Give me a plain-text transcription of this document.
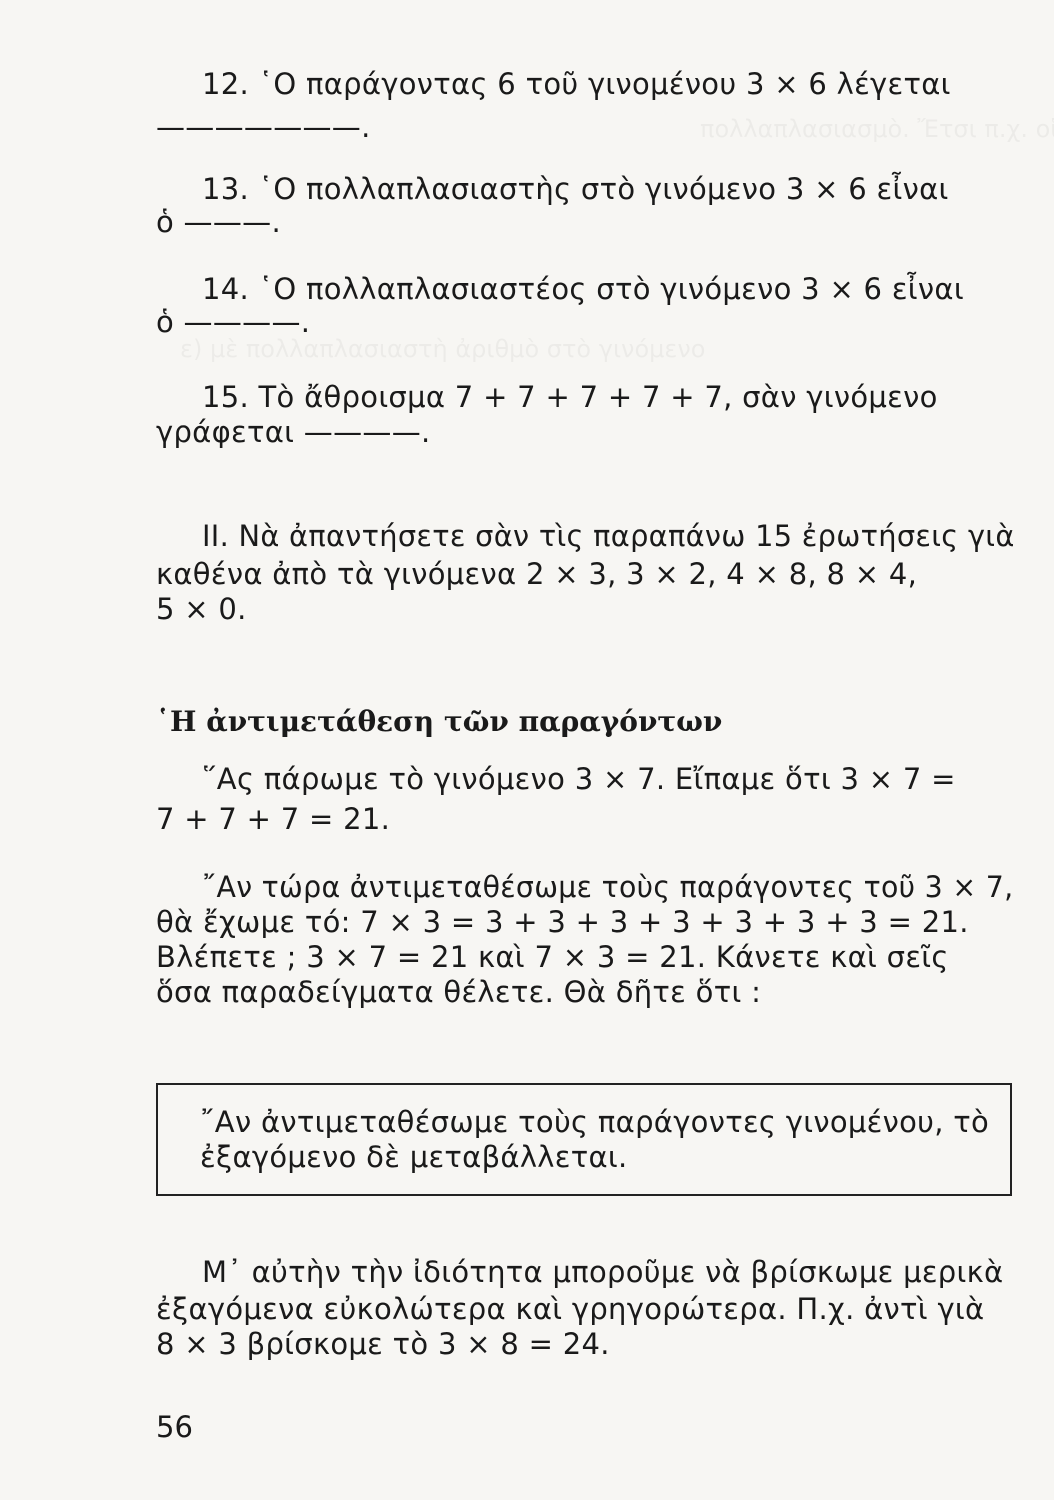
12. ῾Ο παράγοντας 6 τοῦ γινομένου 3 × 6 λέγεται
———————.
13. ῾Ο πολλαπλασιαστὴς στὸ γινόμενο 3 × 6 εἶναι
ὁ ———.
14. ῾Ο πολλαπλασιαστέος στὸ γινόμενο 3 × 6 εἶναι
ὁ ————.
15. Τὸ ἄθροισμα 7 + 7 + 7 + 7 + 7, σὰν γινόμενο
γράφεται ————.
ΙΙ. Νὰ ἀπαντήσετε σὰν τὶς παραπάνω 15 ἐρωτήσεις γιὰ
καθένα ἀπὸ τὰ γινόμενα 2 × 3, 3 × 2, 4 × 8, 8 × 4,
5 × 0.
῾Η ἀντιμετάθεση τῶν παραγόντων
῞Ας πάρωμε τὸ γινόμενο 3 × 7. Εἴπαμε ὅτι 3 × 7 =
7 + 7 + 7 = 21.
῎Αν τώρα ἀντιμεταθέσωμε τοὺς παράγοντες τοῦ 3 × 7,
θὰ ἔχωμε τό: 7 × 3 = 3 + 3 + 3 + 3 + 3 + 3 + 3 = 21.
Βλέπετε ; 3 × 7 = 21 καὶ 7 × 3 = 21. Κάνετε καὶ σεῖς
ὅσα παραδείγματα θέλετε. Θὰ δῆτε ὅτι :
῎Αν ἀντιμεταθέσωμε τοὺς παράγοντες γινομένου, τὸ
ἐξαγόμενο δὲ μεταβάλλεται.
Μ᾽ αὐτὴν τὴν ἰδιότητα μποροῦμε νὰ βρίσκωμε μερικὰ
ἐξαγόμενα εὐκολώτερα καὶ γρηγορώτερα. Π.χ. ἀντὶ γιὰ
8 × 3 βρίσκομε τὸ 3 × 8 = 24.
56
